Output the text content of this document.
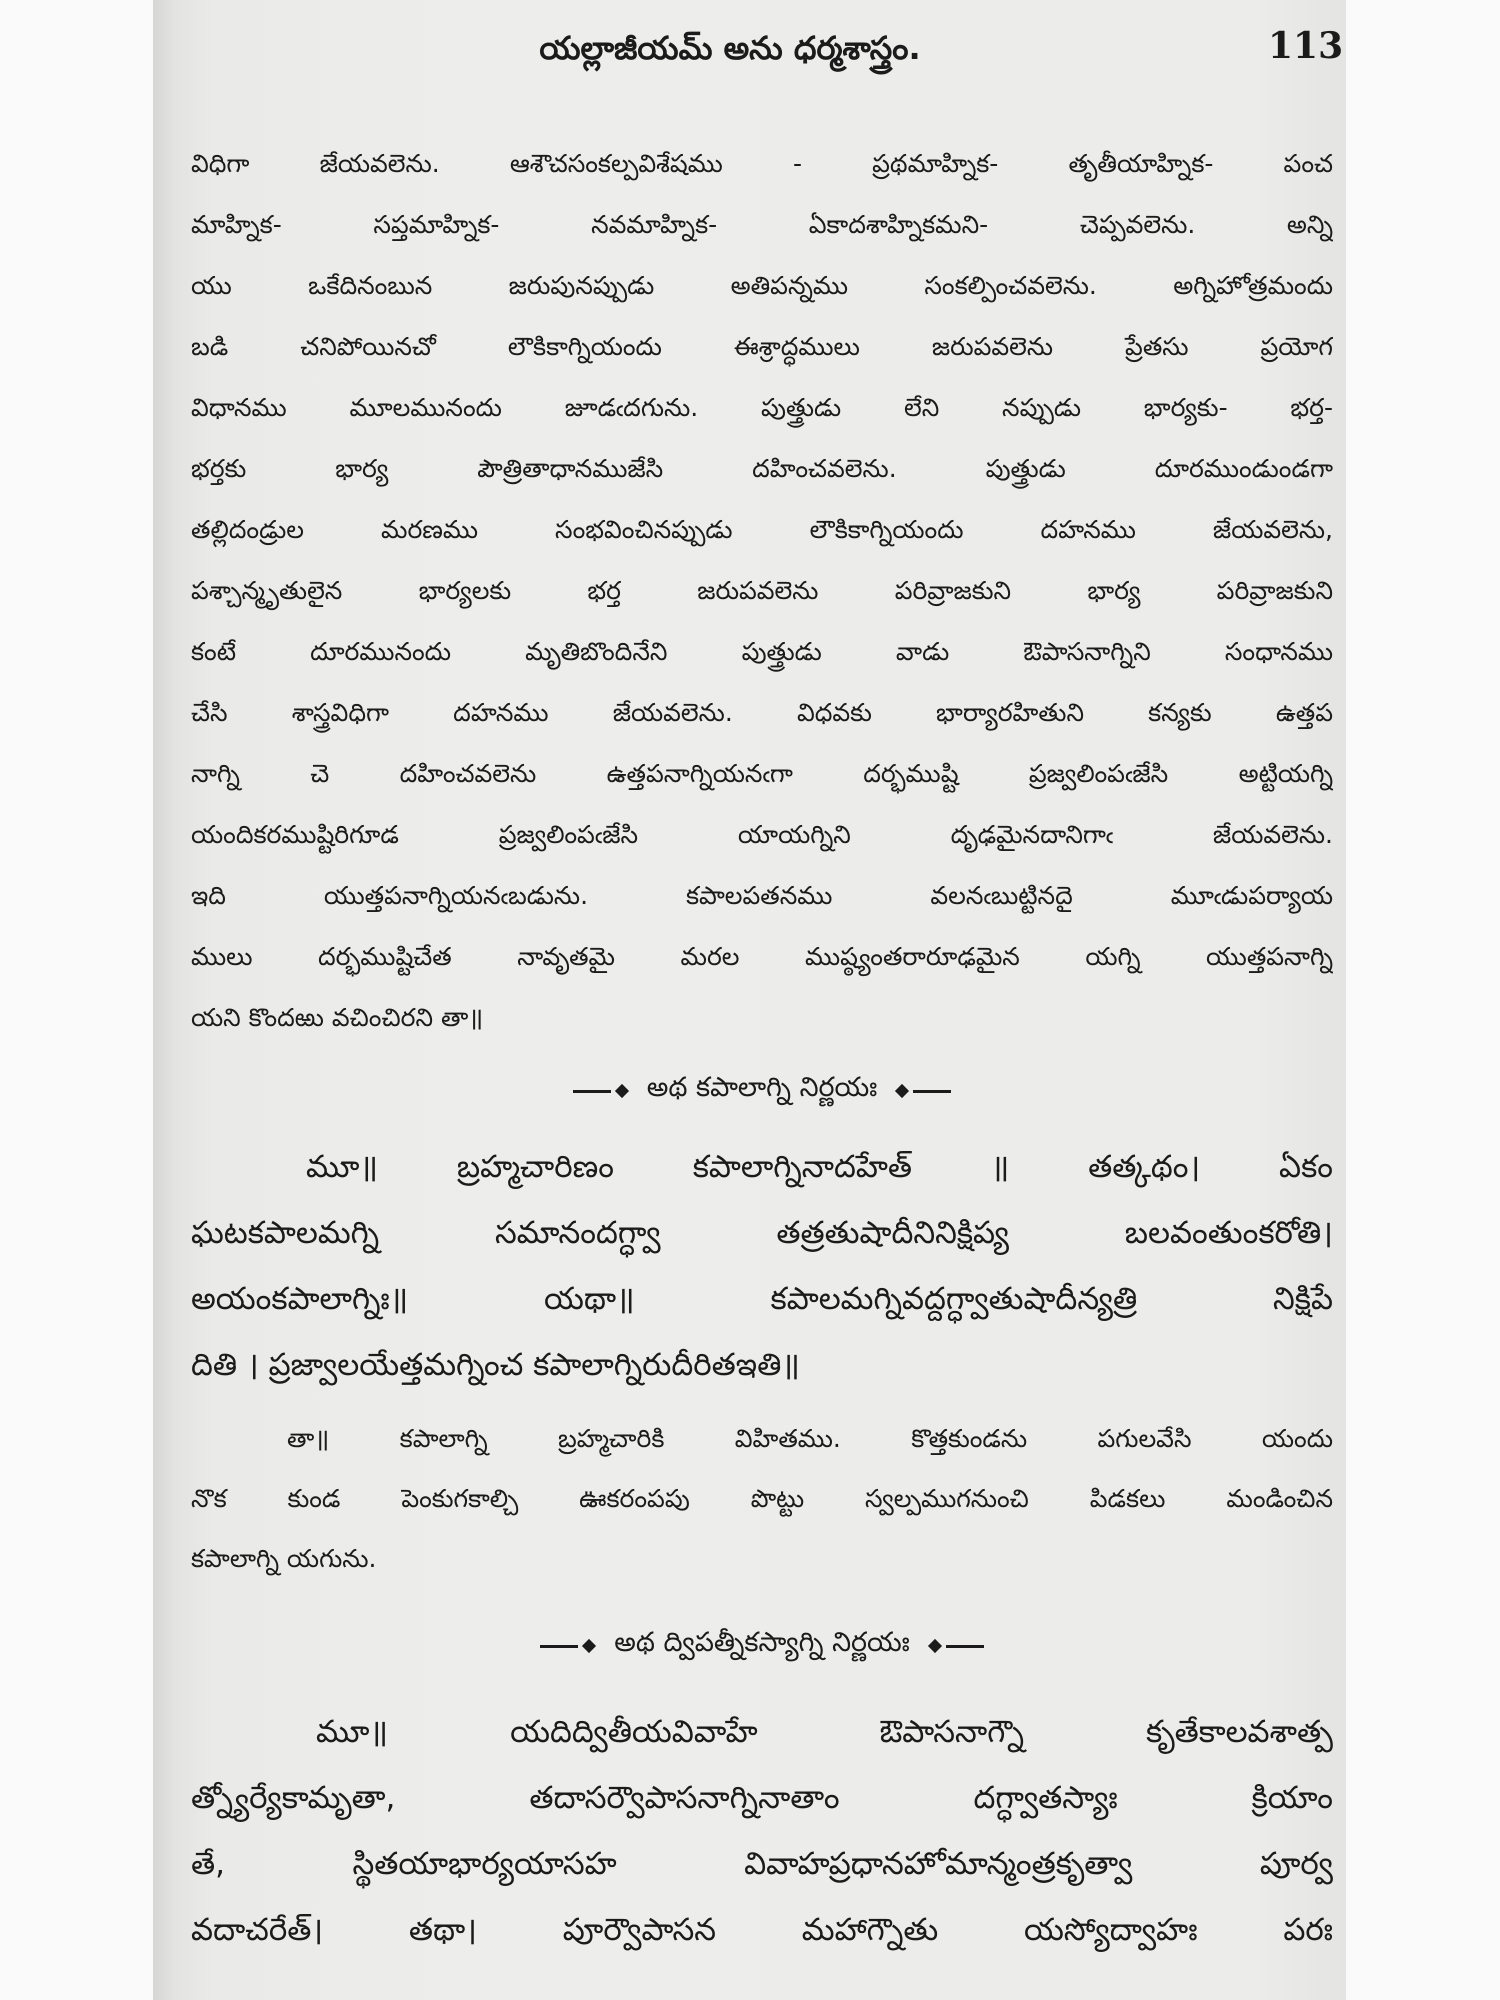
యల్లాజీయమ్ అను ధర్మశాస్త్రం.	113
విధిగా జేయవలెను. ఆశౌచసంకల్పవిశేషము - ప్రథమాహ్నిక- తృతీయాహ్నిక- పంచ
మాహ్నిక- సప్తమాహ్నిక- నవమాహ్నిక- ఏకాదశాహ్నికమని- చెప్పవలెను. అన్ని
యు ఒకేదినంబున జరుపునప్పుడు అతిపన్నము సంకల్పించవలెను. అగ్నిహోత్రమందు
బడి చనిపోయినచో లౌకికాగ్నియందు ఈశ్రాద్ధములు జరుపవలెను ప్రేతసు ప్రయోగ
విధానము మూలమునందు జూడఁదగును. పుత్త్రుడు లేని నప్పుడు భార్యకు- భర్త-
భర్తకు భార్య పౌత్రితాధానముజేసి దహించవలెను. పుత్త్రుడు దూరముండుండగా
తల్లిదండ్రుల మరణము సంభవించినప్పుడు లౌకికాగ్నియందు దహనము జేయవలెను,
పశ్చాన్మృతులైన భార్యలకు భర్త జరుపవలెను పరివ్రాజకుని భార్య పరివ్రాజకుని
కంటే దూరమునందు మృతిబొందినేని పుత్త్రుడు వాడు ఔపాసనాగ్నిని సంధానము
చేసి శాస్త్రవిధిగా దహనము జేయవలెను. విధవకు భార్యారహితుని కన్యకు ఉత్తప
నాగ్ని చె దహించవలెను ఉత్తపనాగ్నియనఁగా దర్భముష్టి ప్రజ్వలింపఁజేసి అట్టియగ్ని
యందికరముష్టిరిగూడ ప్రజ్వలింపఁజేసి యాయగ్నిని దృఢమైనదానిగాఁ జేయవలెను.
ఇది యుత్తపనాగ్నియనఁబడును. కపాలపతనము వలనఁబుట్టినదై మూఁడుపర్యాయ
ములు దర్భముష్టిచేత నావృతమై మరల ముష్ఠ్యంతరారూఢమైన యగ్ని యుత్తపనాగ్ని
యని కొందఱు వచించిరని తా॥
అథ కపాలాగ్ని నిర్ణయః
మూ॥ బ్రహ్మచారిణం కపాలాగ్నినాదహేత్ ॥ తత్కథం। ఏకం
ఘటకపాలమగ్ని సమానందగ్ధ్వా తత్రతుషాదీనినిక్షిప్య బలవంతుంకరోతి।
అయంకపాలాగ్నిః॥ యథా॥ కపాలమగ్నివద్దగ్ధ్వాతుషాదీన్యత్రి నిక్షిపే
దితి । ప్రజ్వాలయేత్తమగ్నించ కపాలాగ్నిరుదీరితఇతి॥
తా॥ కపాలాగ్ని బ్రహ్మచారికి విహితము. కొత్తకుండను పగులవేసి యందు
నొక కుండ పెంకుగకాల్చి ఊకరంపపు పొట్టు స్వల్పముగనుంచి పిడకలు మండించిన
కపాలాగ్ని యగును.
అథ ద్విపత్నీకస్యాగ్ని నిర్ణయః
మూ॥ యదిద్వితీయవివాహే ఔపాసనాగ్నౌ కృతేకాలవశాత్ప
త్న్యోర్యేకామృతా, తదాసర్వౌపాసనాగ్నినాతాం దగ్ధ్వాతస్యాః క్రియాం
తే, స్థితయాభార్యయాసహ వివాహప్రధానహోమాన్మంత్రకృత్వా పూర్వ
వదాచరేత్। తథా। పూర్వౌపాసన మహాగ్నౌతు యస్యోద్వాహః పరః
